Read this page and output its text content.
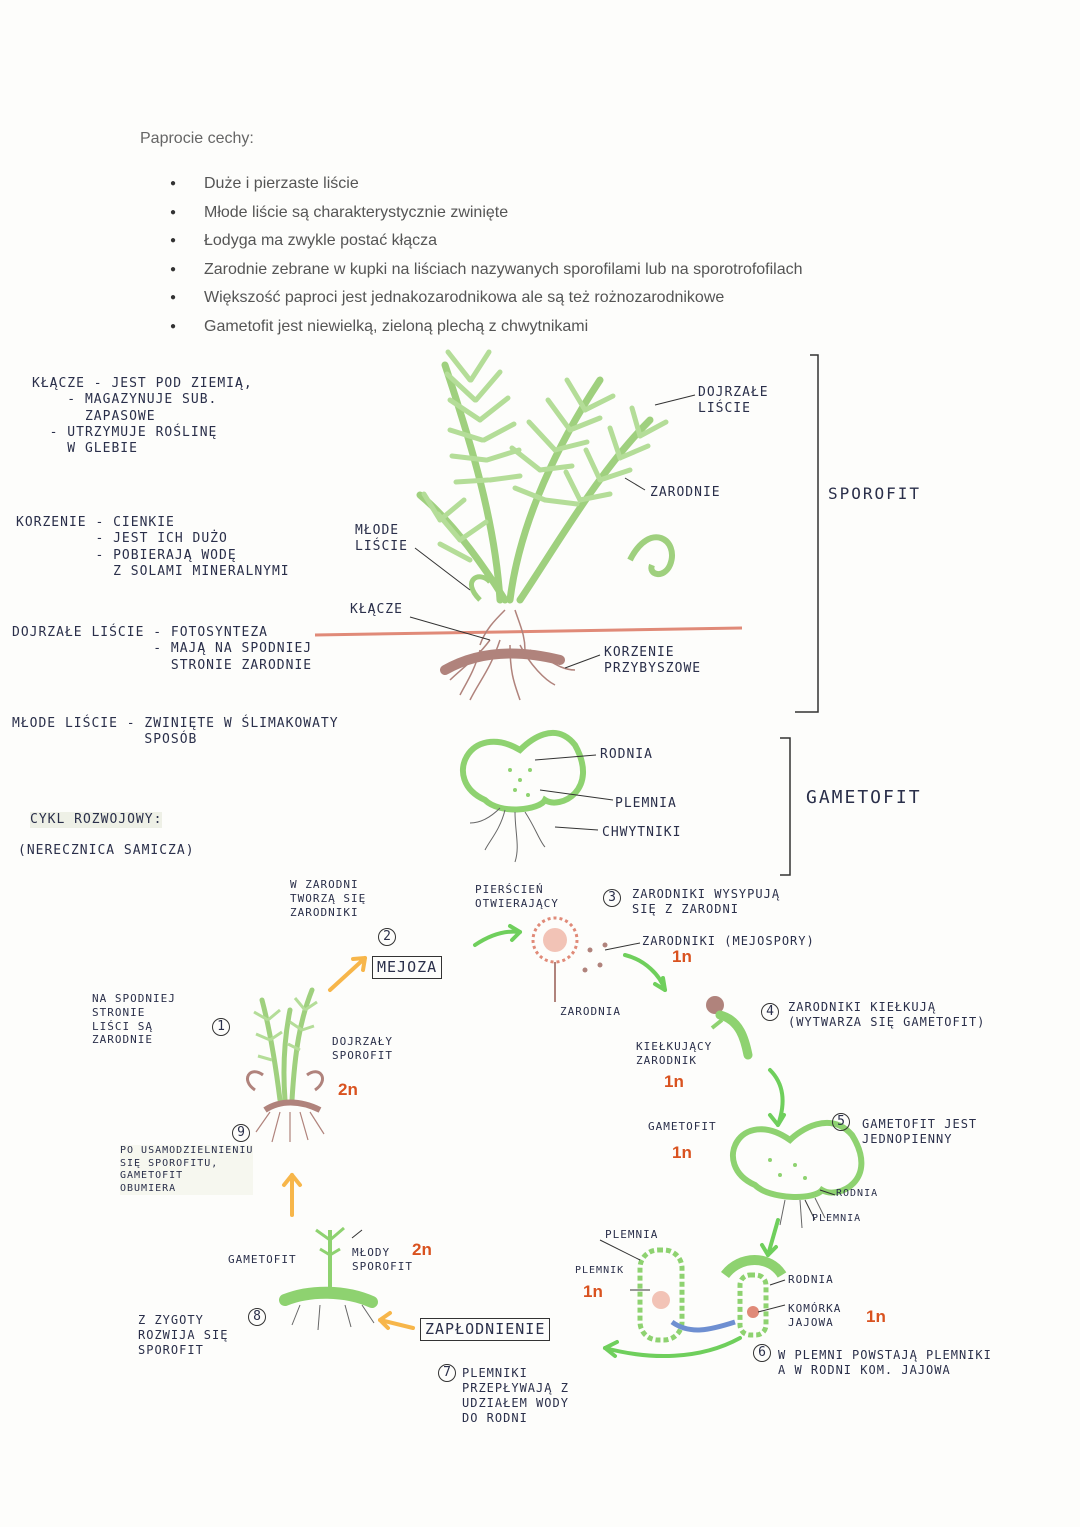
Paprocie cechy:
● Duże i pierzaste liście
● Młode liście są charakterystycznie zwinięte
● Łodyga ma zwykle postać kłącza
● Zarodnie zebrane w kupki na liściach nazywanych sporofilami lub na sporotrofofilach
● Większość paproci jest jednakozarodnikowa ale są też rożnozarodnikowe
● Gametofit jest niewielką, zieloną plechą z chwytnikami
KŁĄCZE - JEST POD ZIEMIĄ,
- MAGAZYNUJE SUB.
ZAPASOWE
- UTRZYMUJE ROŚLINĘ
W GLEBIE
KORZENIE - CIENKIE
- JEST ICH DUŻO
- POBIERAJĄ WODĘ
Z SOLAMI MINERALNYMI
DOJRZAŁE LIŚCIE - FOTOSYNTEZA
- MAJĄ NA SPODNIEJ
STRONIE ZARODNIE
MŁODE LIŚCIE - ZWINIĘTE W ŚLIMAKOWATY
SPOSÓB
DOJRZAŁE
LIŚCIE
ZARODNIE
MŁODE
LIŚCIE
KŁĄCZE
KORZENIE
PRZYBYSZOWE
SPOROFIT
RODNIA
PLEMNIA
CHWYTNIKI
GAMETOFIT
CYKL ROZWOJOWY:
(NERECZNICA SAMICZA)
NA SPODNIEJ
STRONIE
LIŚCI SĄ
ZARODNIE
1
DOJRZAŁY
SPOROFIT
2n
W ZARODNI
TWORZĄ SIĘ
ZARODNIKI
2
MEJOZA
PIERŚCIEŃ
OTWIERAJĄCY	3	ZARODNIKI WYSYPUJĄ
SIĘ Z ZARODNI
ZARODNIKI (MEJOSPORY)
1n
ZARODNIA	4	ZARODNIKI KIEŁKUJĄ
(WYTWARZA SIĘ GAMETOFIT)
KIEŁKUJĄCY
ZARODNIK
1n
GAMETOFIT
1n
5	GAMETOFIT JEST
JEDNOPIENNY
RODNIA
PLEMNIA
PLEMNIA
PLEMNIK
1n
RODNIA
KOMÓRKA
JAJOWA	1n
6	W PLEMNI POWSTAJĄ PLEMNIKI
A W RODNI KOM. JAJOWA
ZAPŁODNIENIE
7 PLEMNIKI
PRZEPŁYWAJĄ Z
UDZIAŁEM WODY
DO RODNI
GAMETOFIT
MŁODY
SPOROFIT
2n
Z ZYGOTY
ROZWIJA SIĘ
SPOROFIT
8
9
PO USAMODZIELNIENIU
SIĘ SPOROFITU,
GAMETOFIT
OBUMIERA
